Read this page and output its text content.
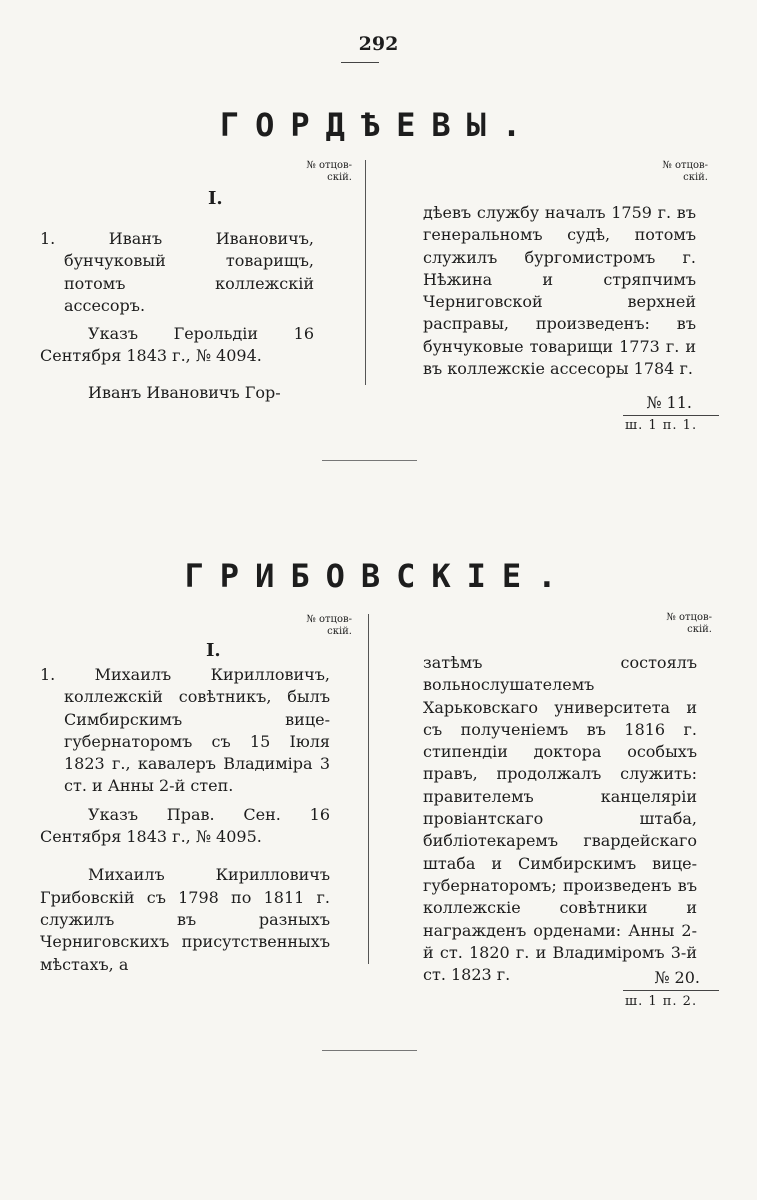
292
ГОРДѢЕВЫ.
№ отцов-
скій.
№ отцов-
скій.
I.

1. Иванъ Ивановичъ, бунчуковый товарищъ, потомъ коллежскій ассесоръ.

Указъ Герольдіи 16 Сентября 1843 г., № 4094.

Иванъ Ивановичъ Гор-

дѣевъ службу началъ 1759 г. въ генеральномъ судѣ, потомъ служилъ бургомистромъ г. Нѣжина и стряпчимъ Черниговской верхней расправы, произведенъ: въ бунчуковые товарищи 1773 г. и въ коллежскіе ассесоры 1784 г.

№ 11.
ш. 1 п. 1.
ГРИБОВСКІЕ.
№ отцов-
скій.
№ отцов-
скій.
I.

1. Михаилъ Кирилловичъ, коллежскій совѣтникъ, былъ Симбирскимъ вице-губернаторомъ съ 15 Іюля 1823 г., кавалеръ Владиміра 3 ст. и Анны 2-й степ.

Указъ Прав. Сен. 16 Сентября 1843 г., № 4095.

Михаилъ Кирилловичъ Грибовскій съ 1798 по 1811 г. служилъ въ разныхъ Черниговскихъ присутственныхъ мѣстахъ, а

затѣмъ состоялъ вольнослушателемъ Харьковскаго университета и съ полученіемъ въ 1816 г. стипендіи доктора особыхъ правъ, продолжалъ служить: правителемъ канцеляріи провіантскаго штаба, библіотекаремъ гвардейскаго штаба и Симбирскимъ вице-губернаторомъ; произведенъ въ коллежскіе совѣтники и награжденъ орденами: Анны 2-й ст. 1820 г. и Владиміромъ 3-й ст. 1823 г.	№ 20.
ш. 1 п. 2.
